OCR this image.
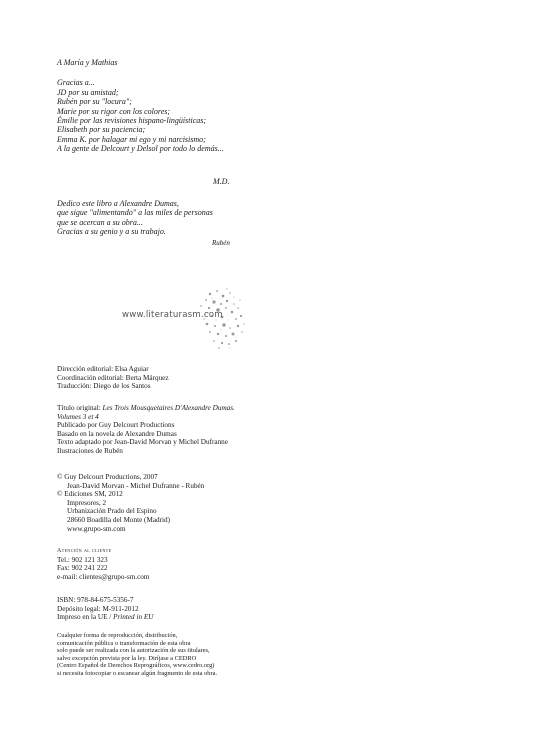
A María y Mathias
Gracias a...
JD por su amistad;
Rubén por su "locura";
Marie por su rigor con los colores;
Émilie por las revisiones hispano-lingüísticas;
Elisabeth por su paciencia;
Emma K. por halagar mi ego y mi narcisismo;
A la gente de Delcourt y Delsol por todo lo demás...
M.D.
Dedico este libro a Alexandre Dumas,
que sigue "alimentando" a las miles de personas
que se acercan a su obra...
Gracias a su genio y a su trabajo.
Rubén
www.literaturasm.com
Dirección editorial: Elsa Aguiar
Coordinación editorial: Berta Márquez
Traducción: Diego de los Santos
Título original: Les Trois Mousquetaires D'Alexandre Dumas.
Volumes 3 et 4
Publicado por Guy Delcourt Productions
Basado en la novela de Alexandre Dumas
Texto adaptado por Jean-David Morvan y Michel Dufranne
Ilustraciones de Rubén
© Guy Delcourt Productions, 2007
Jean-David Morvan - Michel Dufranne - Rubén
© Ediciones SM, 2012
Impresores, 2
Urbanización Prado del Espino
28660 Boadilla del Monte (Madrid)
www.grupo-sm.com
Atención al cliente
Tel.: 902 121 323
Fax: 902 241 222
e-mail: clientes@grupo-sm.com
ISBN: 978-84-675-5356-7
Depósito legal: M-911-2012
Impreso en la UE / Printed in EU
Cualquier forma de reproducción, distribución,
comunicación pública o transformación de esta obra
solo puede ser realizada con la autorización de sus titulares,
salvo excepción prevista por la ley. Diríjase a CEDRO
(Centro Español de Derechos Reprográficos, www.cedro.org)
si necesita fotocopiar o escanear algún fragmento de esta obra.
